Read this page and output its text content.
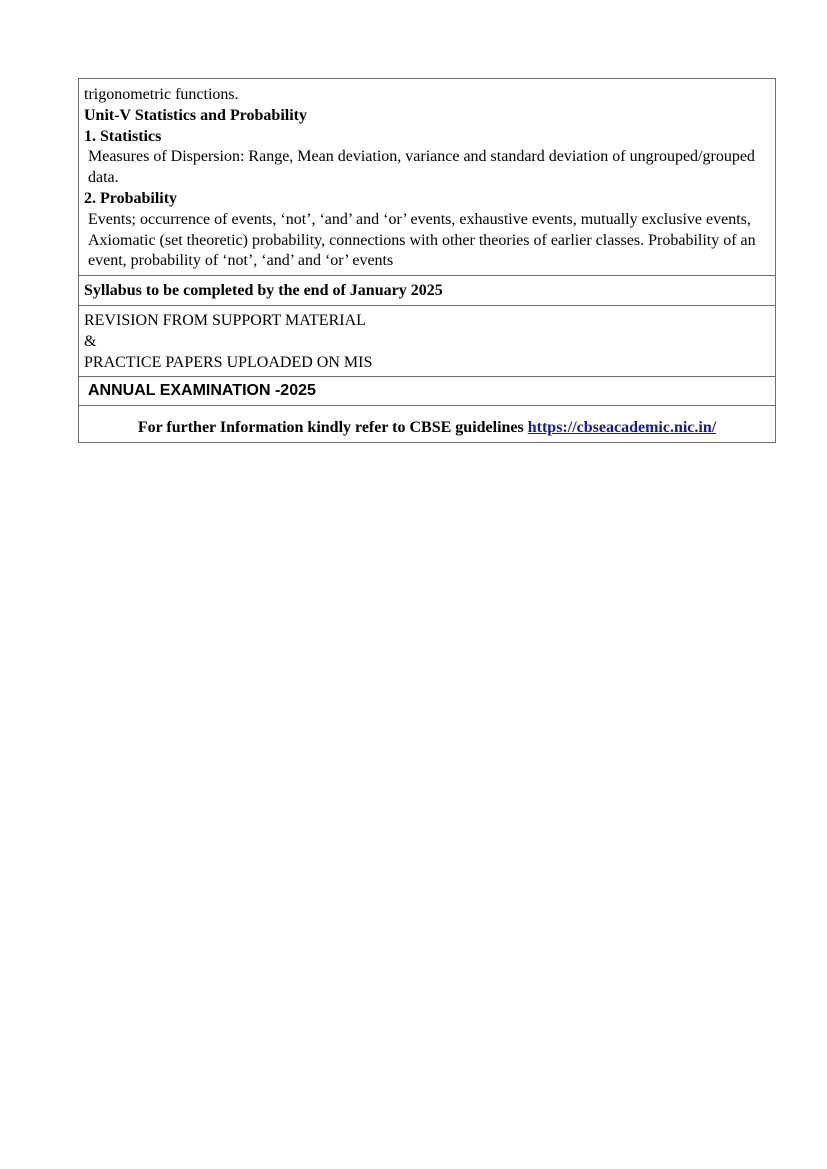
trigonometric functions.
Unit-V Statistics and Probability
1. Statistics
Measures of Dispersion: Range, Mean deviation, variance and standard deviation of ungrouped/grouped data.
2. Probability
Events; occurrence of events, ‘not’, ‘and’ and ‘or’ events, exhaustive events, mutually exclusive events, Axiomatic (set theoretic) probability, connections with other theories of earlier classes. Probability of an event, probability of ‘not’, ‘and’ and ‘or’ events

Syllabus to be completed by the end of January 2025

REVISION FROM SUPPORT MATERIAL
&
PRACTICE PAPERS UPLOADED ON MIS

ANNUAL EXAMINATION -2025

For further Information kindly refer to CBSE guidelines https://cbseacademic.nic.in/
